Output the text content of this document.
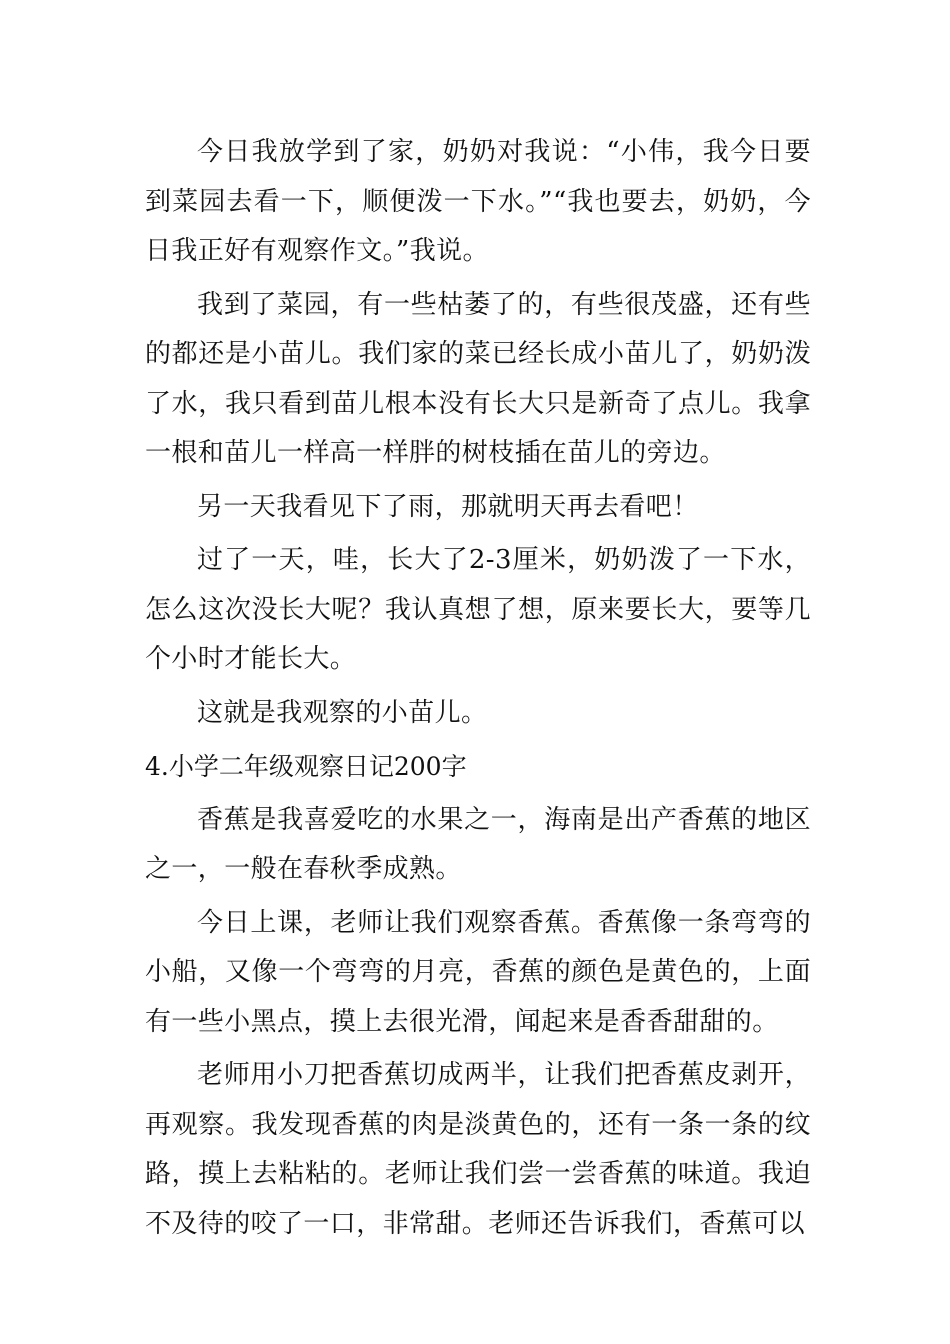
今日我放学到了家，奶奶对我说：“小伟，我今日要到菜园去看一下，顺便泼一下水。”“我也要去，奶奶，今日我正好有观察作文。”我说。

我到了菜园，有一些枯萎了的，有些很茂盛，还有些的都还是小苗儿。我们家的菜已经长成小苗儿了，奶奶泼了水，我只看到苗儿根本没有长大只是新奇了点儿。我拿一根和苗儿一样高一样胖的树枝插在苗儿的旁边。

另一天我看见下了雨，那就明天再去看吧！

过了一天，哇，长大了2-3厘米，奶奶泼了一下水，怎么这次没长大呢？我认真想了想，原来要长大，要等几个小时才能长大。

这就是我观察的小苗儿。

4.小学二年级观察日记200字

香蕉是我喜爱吃的水果之一，海南是出产香蕉的地区之一，一般在春秋季成熟。

今日上课，老师让我们观察香蕉。香蕉像一条弯弯的小船，又像一个弯弯的月亮，香蕉的颜色是黄色的，上面有一些小黑点，摸上去很光滑，闻起来是香香甜甜的。

老师用小刀把香蕉切成两半，让我们把香蕉皮剥开，再观察。我发现香蕉的肉是淡黄色的，还有一条一条的纹路，摸上去粘粘的。老师让我们尝一尝香蕉的味道。我迫不及待的咬了一口，非常甜。老师还告诉我们，香蕉可以
